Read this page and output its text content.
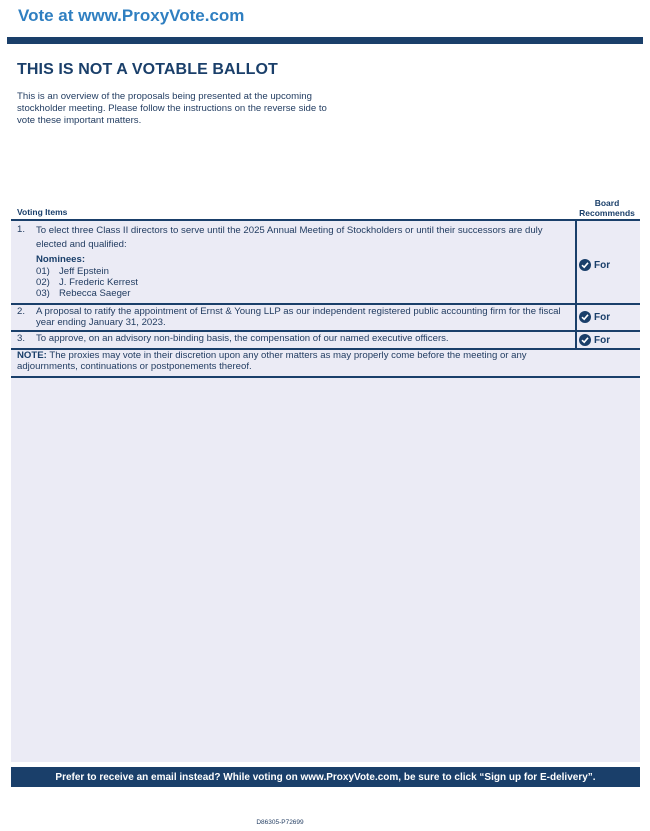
Vote at www.ProxyVote.com
THIS IS NOT A VOTABLE BALLOT

This is an overview of the proposals being presented at the upcoming stockholder meeting. Please follow the instructions on the reverse side to vote these important matters.

Voting Items
Board
Recommends
1. To elect three Class II directors to serve until the 2025 Annual Meeting of Stockholders or until their successors are duly elected and qualified:
Nominees:
01) Jeff Epstein
02) J. Frederic Kerrest
03) Rebecca Saeger
For
2. A proposal to ratify the appointment of Ernst & Young LLP as our independent registered public accounting firm for the fiscal year ending January 31, 2023.	For
3. To approve, on an advisory non-binding basis, the compensation of our named executive officers.	For
NOTE: The proxies may vote in their discretion upon any other matters as may properly come before the meeting or any adjournments, continuations or postponements thereof.
Prefer to receive an email instead? While voting on www.ProxyVote.com, be sure to click “Sign up for E-delivery”.
D86305-P72699
